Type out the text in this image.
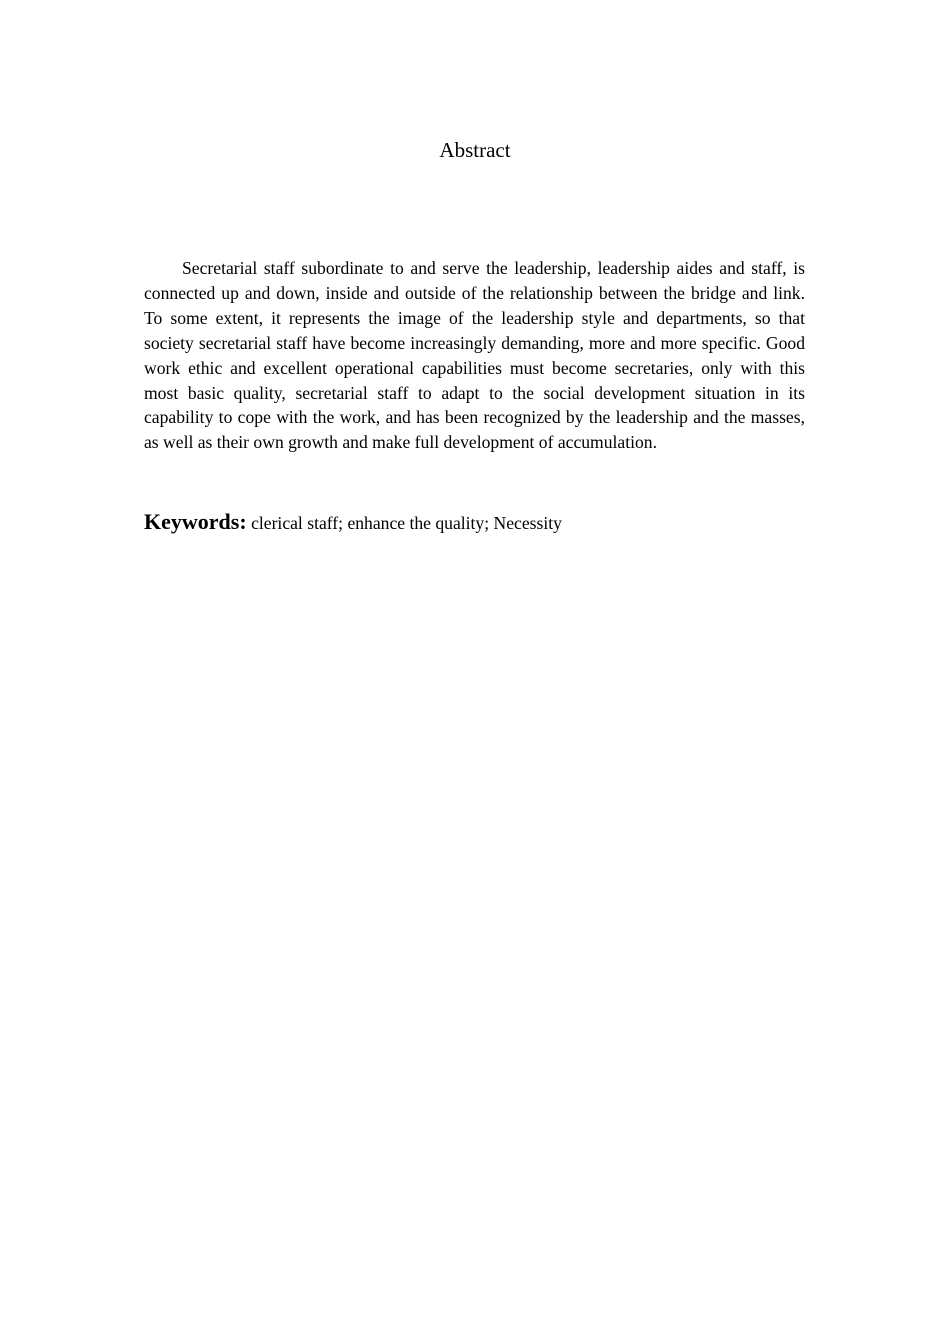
Abstract

Secretarial staff subordinate to and serve the leadership, leadership aides and staff, is connected up and down, inside and outside of the relationship between the bridge and link. To some extent, it represents the image of the leadership style and departments, so that society secretarial staff have become increasingly demanding, more and more specific. Good work ethic and excellent operational capabilities must become secretaries, only with this most basic quality, secretarial staff to adapt to the social development situation in its capability to cope with the work, and has been recognized by the leadership and the masses, as well as their own growth and make full development of accumulation.

Keywords: clerical staff; enhance the quality; Necessity
